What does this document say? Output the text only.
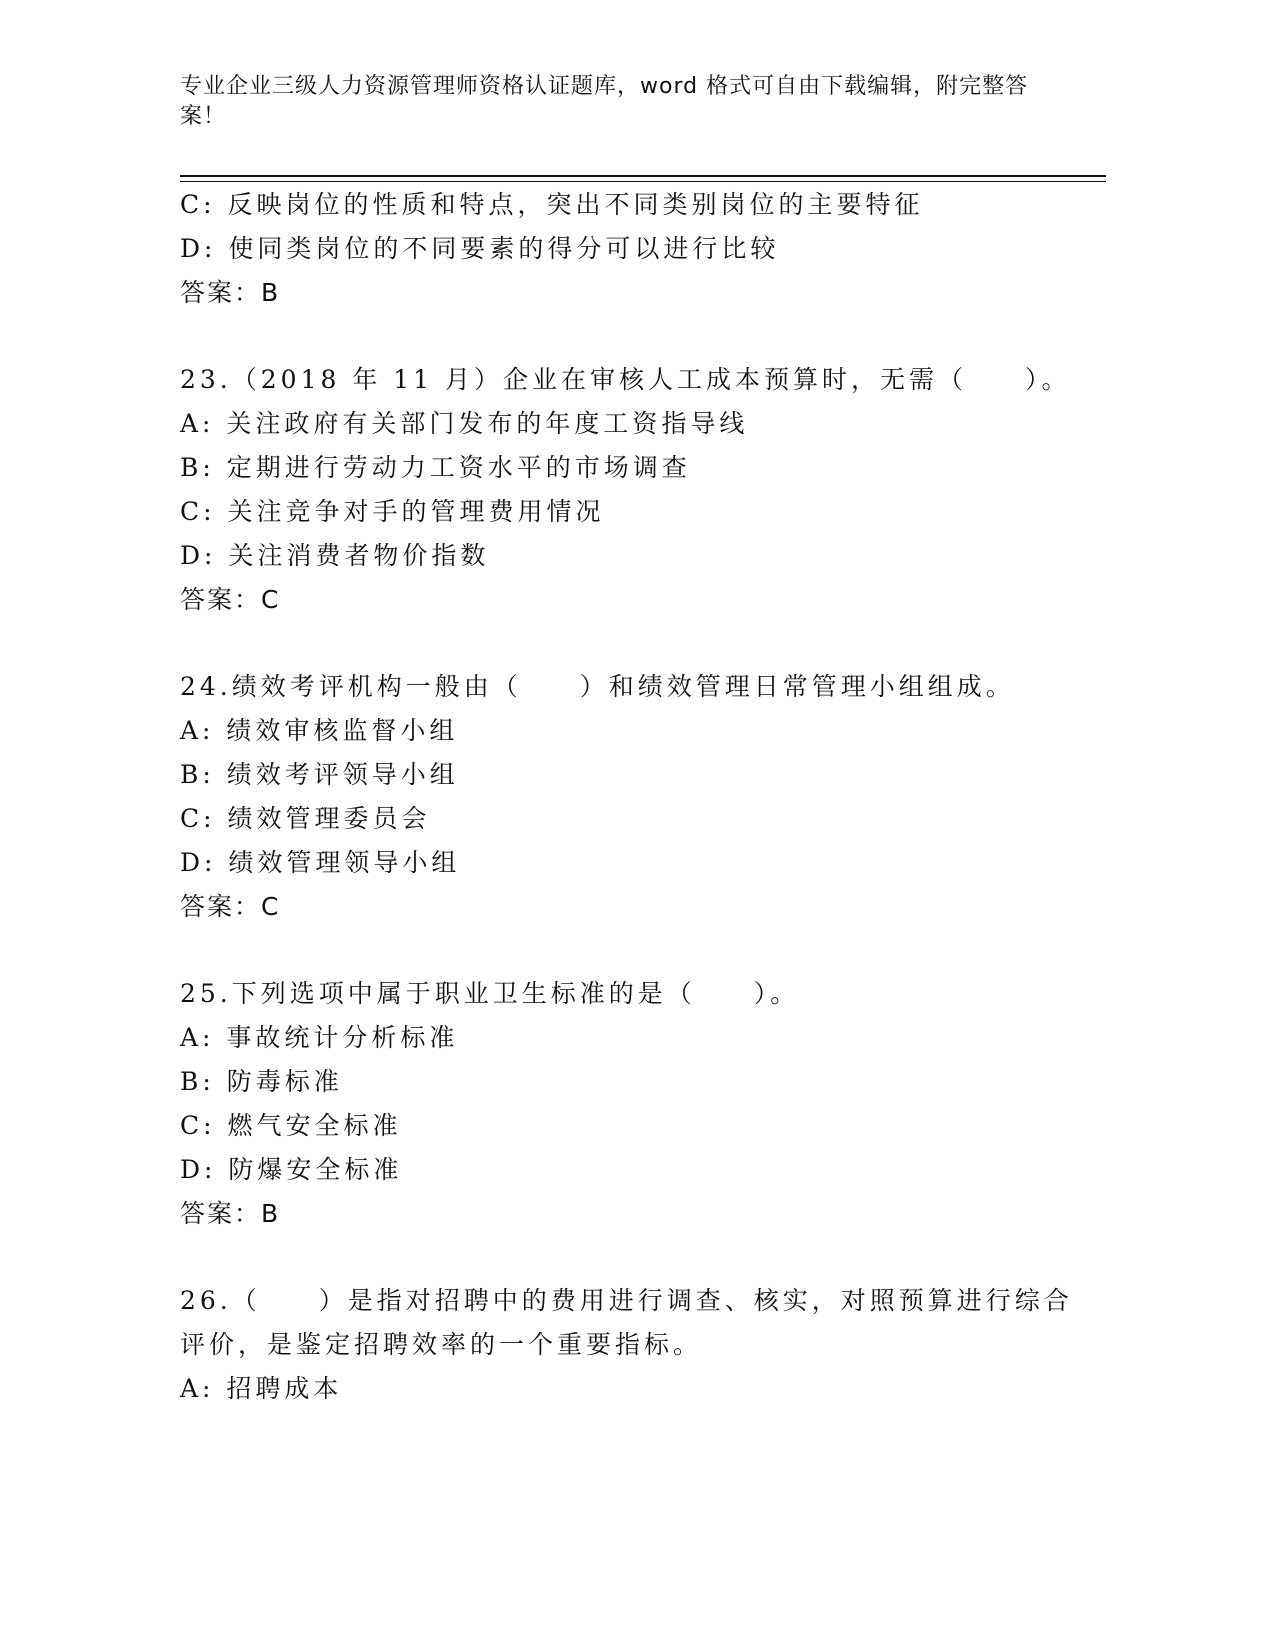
专业企业三级人力资源管理师资格认证题库，word 格式可自由下载编辑，附完整答案！
C: 反映岗位的性质和特点，突出不同类别岗位的主要特征
D: 使同类岗位的不同要素的得分可以进行比较
答案：B
23.（2018 年 11 月）企业在审核人工成本预算时，无需（　　）。
A: 关注政府有关部门发布的年度工资指导线
B: 定期进行劳动力工资水平的市场调查
C: 关注竞争对手的管理费用情况
D: 关注消费者物价指数
答案：C
24.绩效考评机构一般由（　　）和绩效管理日常管理小组组成。
A: 绩效审核监督小组
B: 绩效考评领导小组
C: 绩效管理委员会
D: 绩效管理领导小组
答案：C
25.下列选项中属于职业卫生标准的是（　　）。
A: 事故统计分析标准
B: 防毒标准
C: 燃气安全标准
D: 防爆安全标准
答案：B
26.（　　）是指对招聘中的费用进行调查、核实，对照预算进行综合
评价，是鉴定招聘效率的一个重要指标。
A: 招聘成本
